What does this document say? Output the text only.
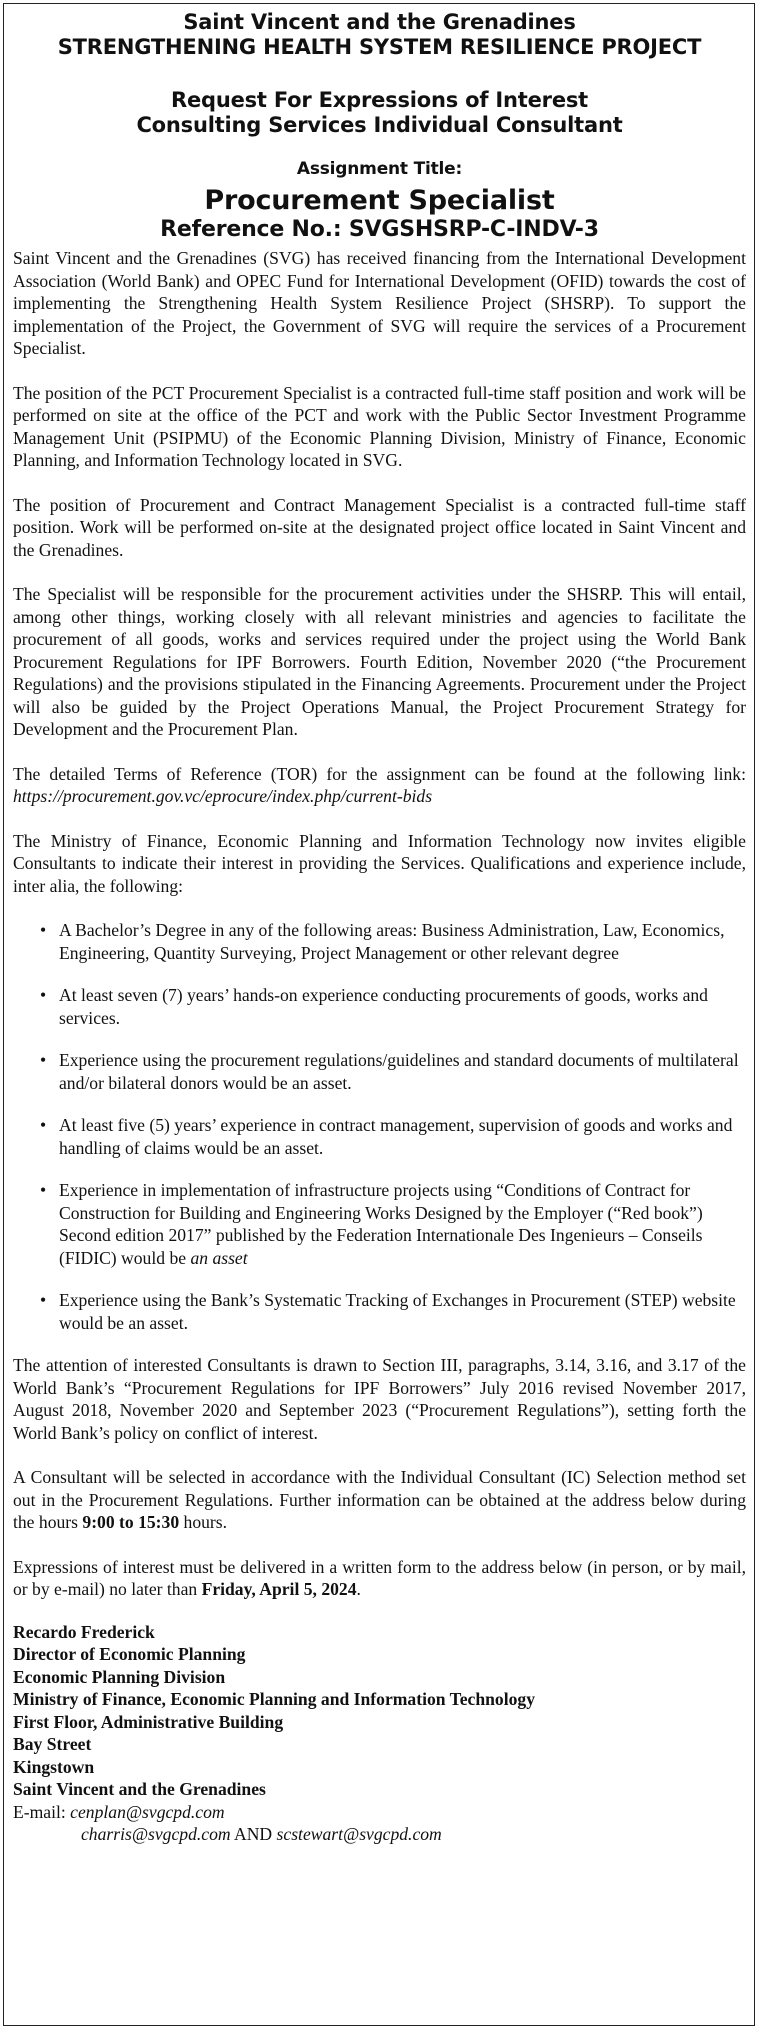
Saint Vincent and the Grenadines
STRENGTHENING HEALTH SYSTEM RESILIENCE PROJECT
Request For Expressions of Interest
Consulting Services Individual Consultant
Assignment Title:
Procurement Specialist
Reference No.: SVGSHSRP-C-INDV-3

Saint Vincent and the Grenadines (SVG) has received financing from the International Development Association (World Bank) and OPEC Fund for International Development (OFID) towards the cost of implementing the Strengthening Health System Resilience Project (SHSRP). To support the implementation of the Project, the Government of SVG will require the services of a Procurement Specialist.

The position of the PCT Procurement Specialist is a contracted full-time staff position and work will be performed on site at the office of the PCT and work with the Public Sector Investment Programme Management Unit (PSIPMU) of the Economic Planning Division, Ministry of Finance, Economic Planning, and Information Technology located in SVG.

The position of Procurement and Contract Management Specialist is a contracted full-time staff position. Work will be performed on-site at the designated project office located in Saint Vincent and the Grenadines.

The Specialist will be responsible for the procurement activities under the SHSRP. This will entail, among other things, working closely with all relevant ministries and agencies to facilitate the procurement of all goods, works and services required under the project using the World Bank Procurement Regulations for IPF Borrowers. Fourth Edition, November 2020 (“the Procurement Regulations) and the provisions stipulated in the Financing Agreements. Procurement under the Project will also be guided by the Project Operations Manual, the Project Procurement Strategy for Development and the Procurement Plan.

The detailed Terms of Reference (TOR) for the assignment can be found at the following link: https://procurement.gov.vc/eprocure/index.php/current-bids

The Ministry of Finance, Economic Planning and Information Technology now invites eligible Consultants to indicate their interest in providing the Services. Qualifications and experience include, inter alia, the following:

• A Bachelor’s Degree in any of the following areas: Business Administration, Law, Economics, Engineering, Quantity Surveying, Project Management or other relevant degree
• At least seven (7) years’ hands-on experience conducting procurements of goods, works and services.
• Experience using the procurement regulations/guidelines and standard documents of multilateral and/or bilateral donors would be an asset.
• At least five (5) years’ experience in contract management, supervision of goods and works and handling of claims would be an asset.
• Experience in implementation of infrastructure projects using “Conditions of Contract for Construction for Building and Engineering Works Designed by the Employer (“Red book”) Second edition 2017” published by the Federation Internationale Des Ingenieurs – Conseils (FIDIC) would be an asset
• Experience using the Bank’s Systematic Tracking of Exchanges in Procurement (STEP) website would be an asset.

The attention of interested Consultants is drawn to Section III, paragraphs, 3.14, 3.16, and 3.17 of the World Bank’s “Procurement Regulations for IPF Borrowers” July 2016 revised November 2017, August 2018, November 2020 and September 2023 (“Procurement Regulations”), setting forth the World Bank’s policy on conflict of interest.

A Consultant will be selected in accordance with the Individual Consultant (IC) Selection method set out in the Procurement Regulations. Further information can be obtained at the address below during the hours 9:00 to 15:30 hours.

Expressions of interest must be delivered in a written form to the address below (in person, or by mail, or by e-mail) no later than Friday, April 5, 2024.

Recardo Frederick
Director of Economic Planning
Economic Planning Division
Ministry of Finance, Economic Planning and Information Technology
First Floor, Administrative Building
Bay Street
Kingstown
Saint Vincent and the Grenadines
E-mail: cenplan@svgcpd.com
charris@svgcpd.com AND scstewart@svgcpd.com
